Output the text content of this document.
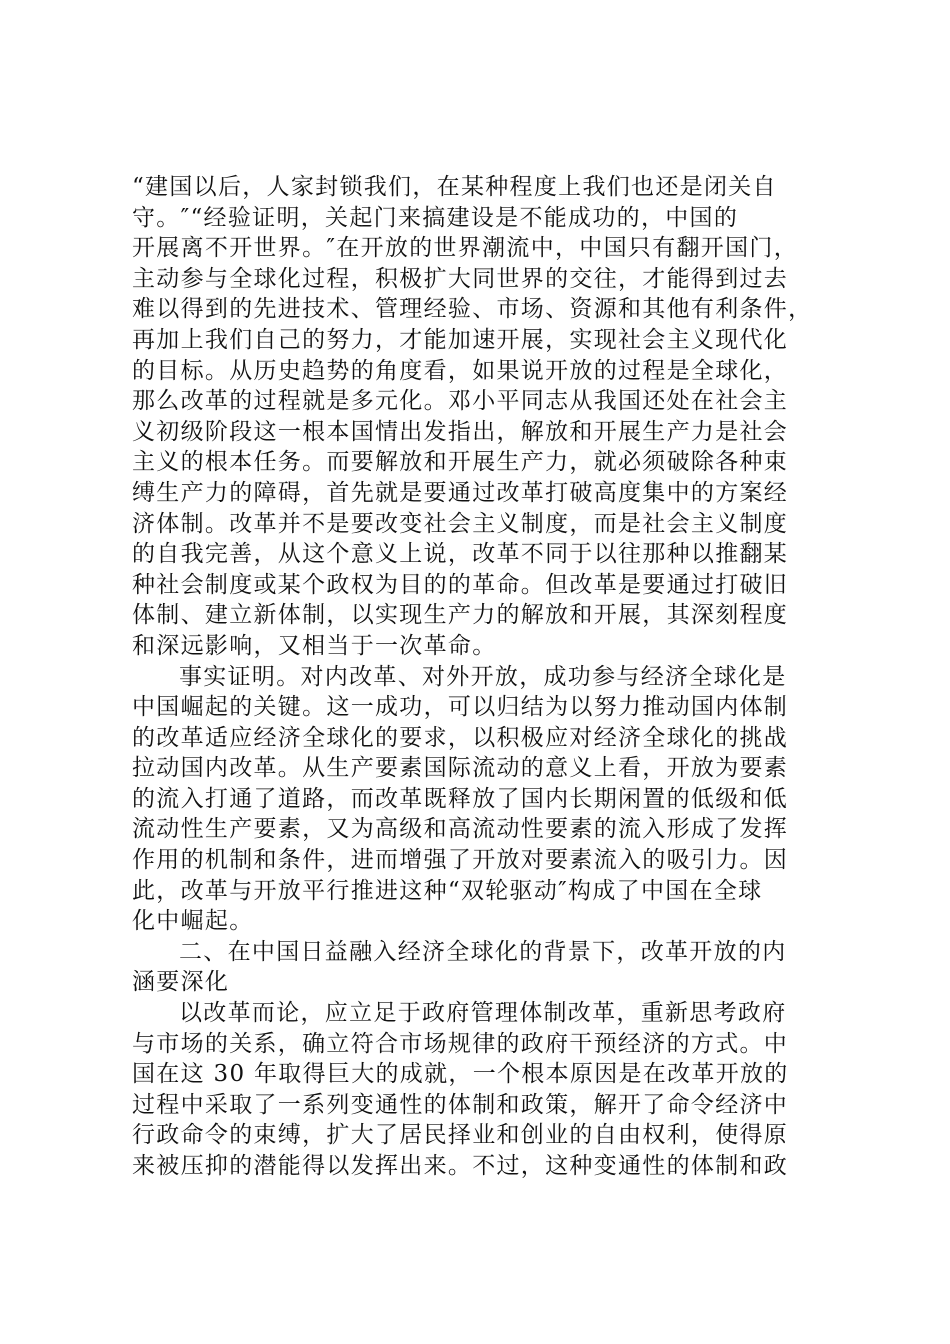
“建国以后，人家封锁我们，在某种程度上我们也还是闭关自
守。″“经验证明，关起门来搞建设是不能成功的，中国的
开展离不开世界。″在开放的世界潮流中，中国只有翻开国门，
主动参与全球化过程，积极扩大同世界的交往，才能得到过去
难以得到的先进技术、管理经验、市场、资源和其他有利条件，
再加上我们自己的努力，才能加速开展，实现社会主义现代化
的目标。从历史趋势的角度看，如果说开放的过程是全球化，
那么改革的过程就是多元化。邓小平同志从我国还处在社会主
义初级阶段这一根本国情出发指出，解放和开展生产力是社会
主义的根本任务。而要解放和开展生产力，就必须破除各种束
缚生产力的障碍，首先就是要通过改革打破高度集中的方案经
济体制。改革并不是要改变社会主义制度，而是社会主义制度
的自我完善，从这个意义上说，改革不同于以往那种以推翻某
种社会制度或某个政权为目的的革命。但改革是要通过打破旧
体制、建立新体制，以实现生产力的解放和开展，其深刻程度
和深远影响，又相当于一次革命。
事实证明。对内改革、对外开放，成功参与经济全球化是
中国崛起的关键。这一成功，可以归结为以努力推动国内体制
的改革适应经济全球化的要求，以积极应对经济全球化的挑战
拉动国内改革。从生产要素国际流动的意义上看，开放为要素
的流入打通了道路，而改革既释放了国内长期闲置的低级和低
流动性生产要素，又为高级和高流动性要素的流入形成了发挥
作用的机制和条件，进而增强了开放对要素流入的吸引力。因
此，改革与开放平行推进这种“双轮驱动″构成了中国在全球
化中崛起。
二、在中国日益融入经济全球化的背景下，改革开放的内
涵要深化
以改革而论，应立足于政府管理体制改革，重新思考政府
与市场的关系，确立符合市场规律的政府干预经济的方式。中
国在这 30 年取得巨大的成就，一个根本原因是在改革开放的
过程中采取了一系列变通性的体制和政策，解开了命令经济中
行政命令的束缚，扩大了居民择业和创业的自由权利，使得原
来被压抑的潜能得以发挥出来。不过，这种变通性的体制和政
